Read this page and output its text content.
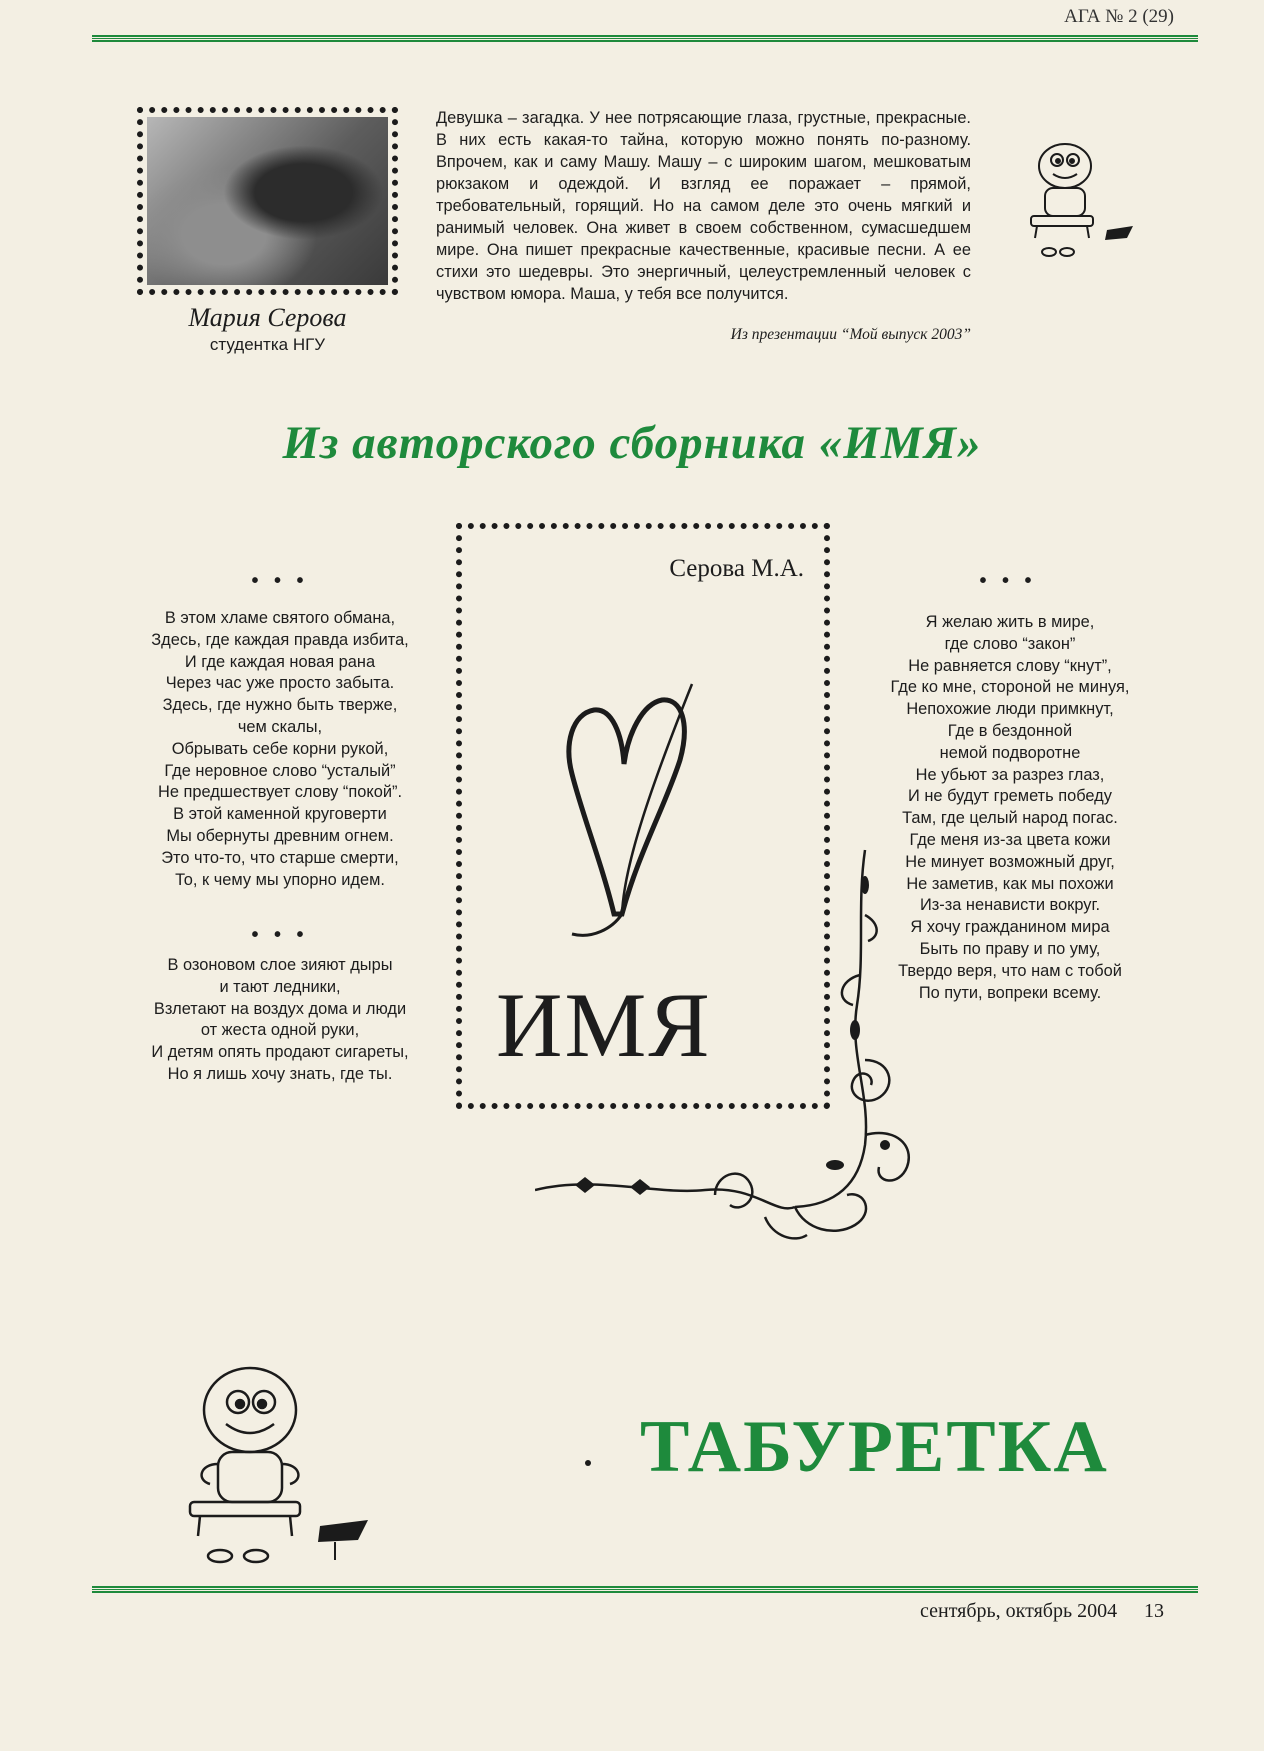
АГА № 2 (29)
Мария Серова
студентка НГУ
Девушка – загадка. У нее потрясающие глаза, грустные, прекрасные. В них есть какая-то тайна, которую можно понять по-разному. Впрочем, как и саму Машу. Машу – с широким шагом, мешковатым рюкзаком и одеждой. И взгляд ее поражает – прямой, требовательный, горящий. Но на самом деле это очень мягкий и ранимый человек. Она живет в своем собственном, сумасшедшем мире. Она пишет прекрасные качественные, красивые песни. А ее стихи это шедевры. Это энергичный, целеустремленный человек с чувством юмора. Маша, у тебя все получится.
Из презентации “Мой выпуск 2003”
Из авторского сборника «ИМЯ»
• • •
В этом хламе святого обмана,
Здесь, где каждая правда избита,
И где каждая новая рана
Через час уже просто забыта.
Здесь, где нужно быть тверже,
чем скалы,
Обрывать себе корни рукой,
Где неровное слово “усталый”
Не предшествует слову “покой”.
В этой каменной круговерти
Мы обернуты древним огнем.
Это что-то, что старше смерти,
То, к чему мы упорно идем.
• • •
В озоновом слое зияют дыры
и тают ледники,
Взлетают на воздух дома и люди
от жеста одной руки,
И детям опять продают сигареты,
Но я лишь хочу знать, где ты.
Серова М.А.
ИМЯ
• • •
Я желаю жить в мире,
где слово “закон”
Не равняется слову “кнут”,
Где ко мне, стороной не минуя,
Непохожие люди примкнут,
Где в бездонной
немой подворотне
Не убьют за разрез глаз,
И не будут греметь победу
Там, где целый народ погас.
Где меня из-за цвета кожи
Не минует возможный друг,
Не заметив, как мы похожи
Из-за ненависти вокруг.
Я хочу гражданином мира
Быть по праву и по уму,
Твердо веря, что нам с тобой
По пути, вопреки всему.
ТАБУРЕТКА
сентябрь, октябрь 2004 13
